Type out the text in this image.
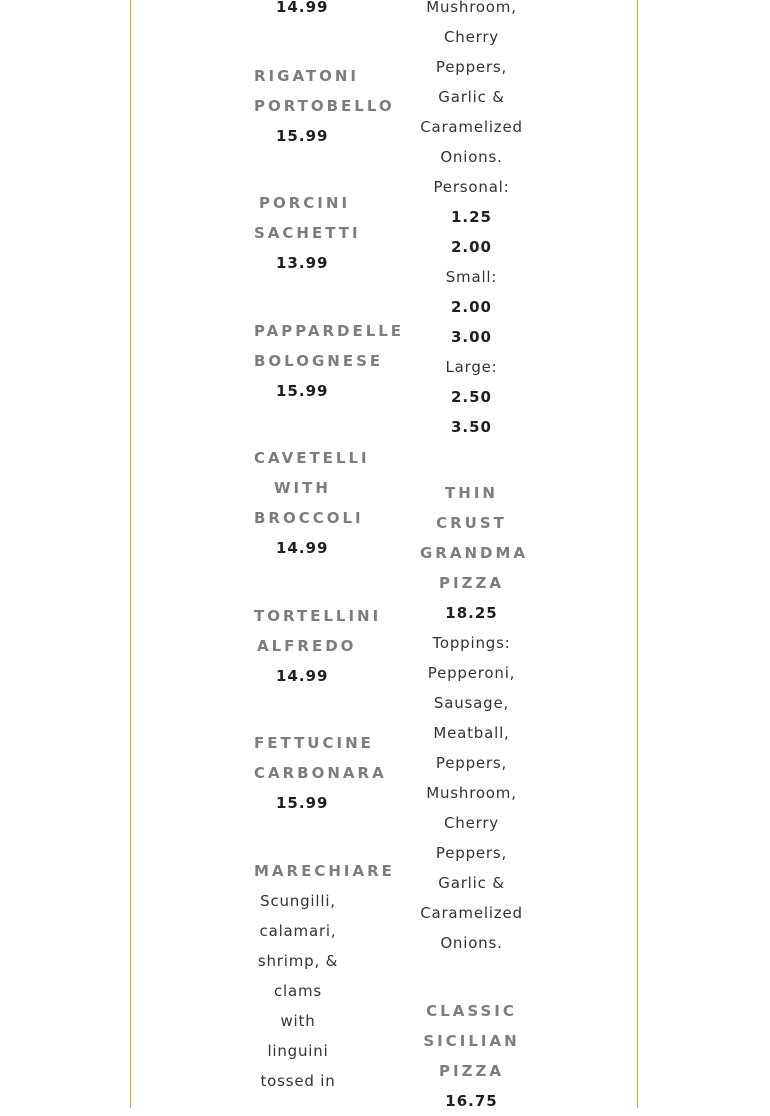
14.99
RIGATONI
PORTOBELLO
15.99
PORCINI
SACHETTI
13.99
PAPPARDELLE
BOLOGNESE
15.99
CAVETELLI
WITH
BROCCOLI
14.99
TORTELLINI
ALFREDO
14.99
FETTUCINE
CARBONARA
15.99
MARECHIARE
Scungilli,
calamari,
shrimp, &
clams
with
linguini
tossed in
Mushroom,
Cherry
Peppers,
Garlic &
Caramelized
Onions.
Personal:
1.25
2.00
Small:
2.00
3.00
Large:
2.50
3.50
THIN
CRUST
GRANDMA
PIZZA
18.25
Toppings:
Pepperoni,
Sausage,
Meatball,
Peppers,
Mushroom,
Cherry
Peppers,
Garlic &
Caramelized
Onions.
CLASSIC
SICILIAN
PIZZA
16.75
